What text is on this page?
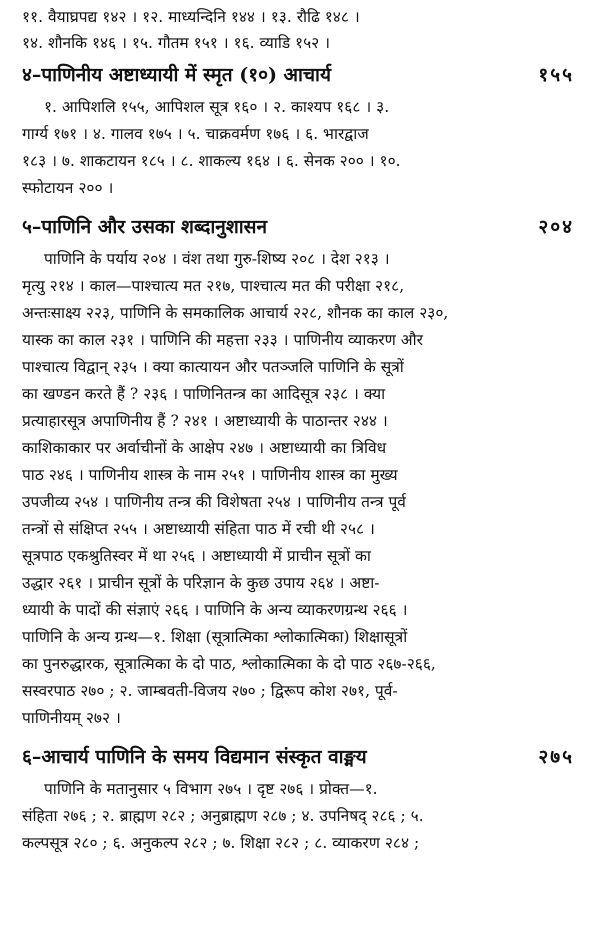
११. वैयाघ्रपद्य १४२ । १२. माध्यन्दिनि १४४ । १३. रौढि १४८ ।
१४. शौनकि १४६ । १५. गौतम १५१ । १६. व्याडि १५२ ।
४–पाणिनीय अष्टाध्यायी में स्मृत (१०) आचार्य	१५५
१. आपिशलि १५५, आपिशल सूत्र १६० । २. काश्यप १६८ । ३.
गार्ग्य १७१ । ४. गालव १७५ । ५. चाक्रवर्मण १७६ । ६. भारद्वाज
१८३ । ७. शाकटायन १८५ । ८. शाकल्य १६४ । ६. सेनक २०० । १०.
स्फोटायन २०० ।
५–पाणिनि और उसका शब्दानुशासन	२०४
पाणिनि के पर्याय २०४ । वंश तथा गुरु-शिष्य २०८ । देश २१३ ।
मृत्यु २१४ । काल—पाश्चात्य मत २१७, पाश्चात्य मत की परीक्षा २१८,
अन्तःसाक्ष्य २२३, पाणिनि के समकालिक आचार्य २२८, शौनक का काल २३०,
यास्क का काल २३१ । पाणिनि की महत्ता २३३ । पाणिनीय व्याकरण और
पाश्चात्य विद्वान् २३५ । क्या कात्यायन और पतञ्जलि पाणिनि के सूत्रों
का खण्डन करते हैं ? २३६ । पाणिनितन्त्र का आदिसूत्र २३८ । क्या
प्रत्याहारसूत्र अपाणिनीय हैं ? २४१ । अष्टाध्यायी के पाठान्तर २४४ ।
काशिकाकार पर अर्वाचीनों के आक्षेप २४७ । अष्टाध्यायी का त्रिविध
पाठ २४६ । पाणिनीय शास्त्र के नाम २५१ । पाणिनीय शास्त्र का मुख्य
उपजीव्य २५४ । पाणिनीय तन्त्र की विशेषता २५४ । पाणिनीय तन्त्र पूर्व
तन्त्रों से संक्षिप्त २५५ । अष्टाध्यायी संहिता पाठ में रची थी २५८ ।
सूत्रपाठ एकश्रुतिस्वर में था २५६ । अष्टाध्यायी में प्राचीन सूत्रों का
उद्धार २६१ । प्राचीन सूत्रों के परिज्ञान के कुछ उपाय २६४ । अष्टा-
ध्यायी के पादों की संज्ञाएं २६६ । पाणिनि के अन्य व्याकरणग्रन्थ २६६ ।
पाणिनि के अन्य ग्रन्थ—१. शिक्षा (सूत्रात्मिका श्लोकात्मिका) शिक्षासूत्रों
का पुनरुद्धारक, सूत्रात्मिका के दो पाठ, श्लोकात्मिका के दो पाठ २६७-२६६,
सस्वरपाठ २७० ; २. जाम्बवती-विजय २७० ; द्विरूप कोश २७१, पूर्व-
पाणिनीयम् २७२ ।
६–आचार्य पाणिनि के समय विद्यमान संस्कृत वाङ्मय	२७५
पाणिनि के मतानुसार ५ विभाग २७५ । दृष्ट २७६ । प्रोक्त—१.
संहिता २७६ ; २. ब्राह्मण २८२ ; अनुब्राह्मण २८७ ; ४. उपनिषद् २८६ ; ५.
कल्पसूत्र २८० ; ६. अनुकल्प २८२ ; ७. शिक्षा २८२ ; ८. व्याकरण २८४ ;
